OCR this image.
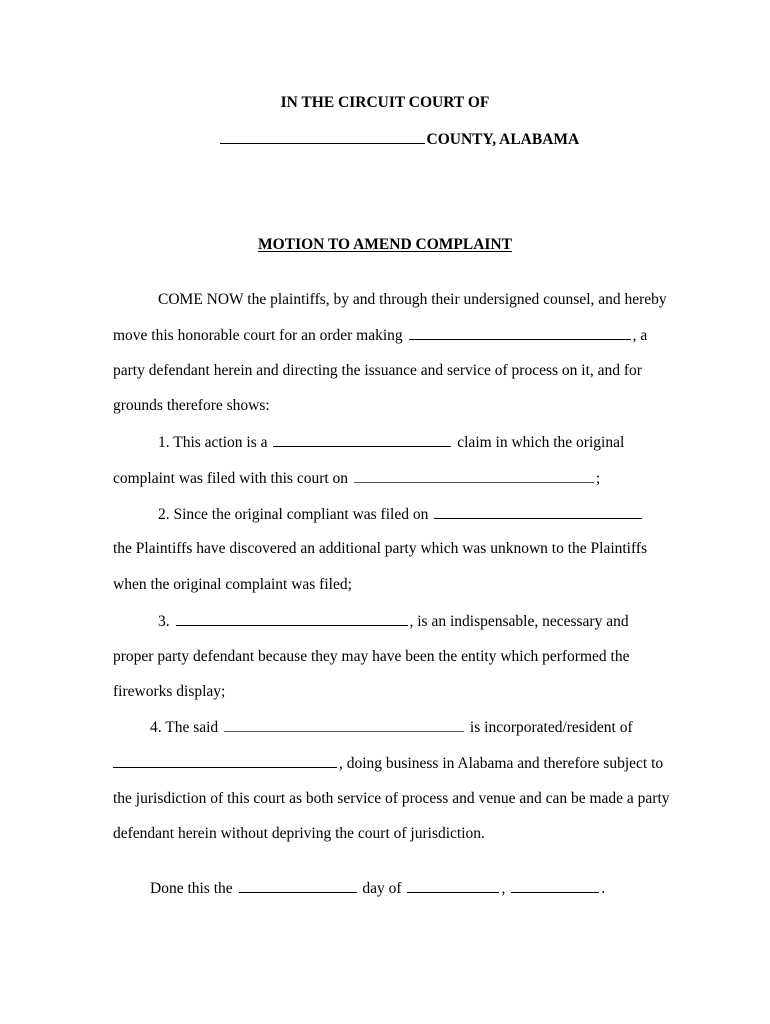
IN THE CIRCUIT COURT OF

COUNTY, ALABAMA

MOTION TO AMEND COMPLAINT
COME NOW the plaintiffs, by and through their undersigned counsel, and hereby
move this honorable court for an order making	, a
party defendant herein and directing the issuance and service of process on it, and for
grounds therefore shows:
1. This action is a	claim in which the original
complaint was filed with this court on	;
2. Since the original compliant was filed on
the Plaintiffs have discovered an additional party which was unknown to the Plaintiffs
when the original complaint was filed;
3.	, is an indispensable, necessary and
proper party defendant because they may have been the entity which performed the
fireworks display;
4. The said	is incorporated/resident of
, doing business in Alabama and therefore subject to
the jurisdiction of this court as both service of process and venue and can be made a party
defendant herein without depriving the court of jurisdiction.
Done this the	day of	,	.
